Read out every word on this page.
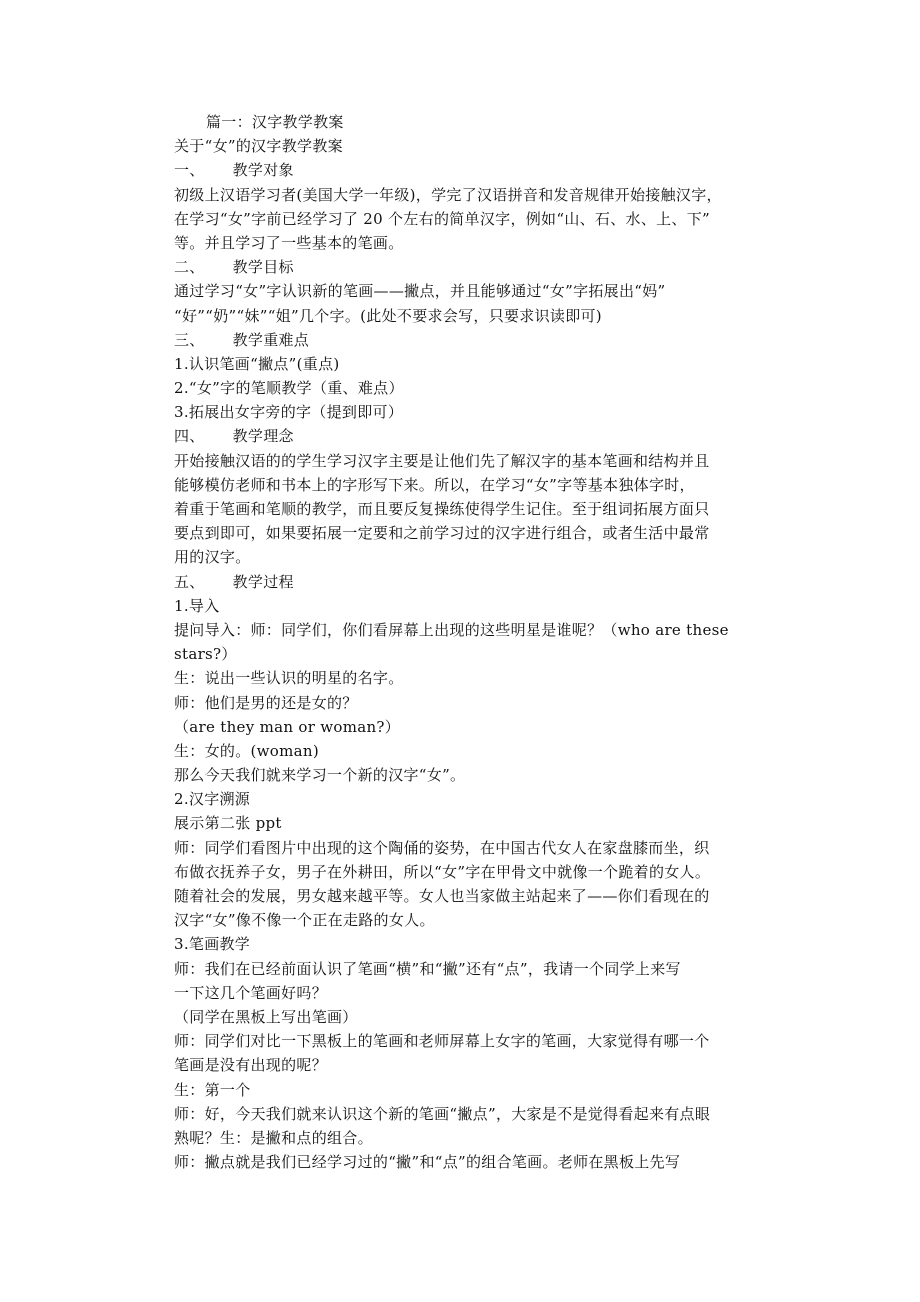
篇一：汉字教学教案
关于“女”的汉字教学教案
一、 教学对象
初级上汉语学习者(美国大学一年级)，学完了汉语拼音和发音规律开始接触汉字，
在学习“女”字前已经学习了 20 个左右的简单汉字，例如“山、石、水、上、下”
等。并且学习了一些基本的笔画。
二、 教学目标
通过学习“女”字认识新的笔画——撇点，并且能够通过“女”字拓展出“妈”
“好”“奶”“妹”“姐”几个字。(此处不要求会写，只要求识读即可)
三、 教学重难点
1.认识笔画“撇点”(重点)
2.“女”字的笔顺教学（重、难点）
3.拓展出女字旁的字（提到即可）
四、 教学理念
开始接触汉语的的学生学习汉字主要是让他们先了解汉字的基本笔画和结构并且
能够模仿老师和书本上的字形写下来。所以，在学习“女”字等基本独体字时，
着重于笔画和笔顺的教学，而且要反复操练使得学生记住。至于组词拓展方面只
要点到即可，如果要拓展一定要和之前学习过的汉字进行组合，或者生活中最常
用的汉字。
五、 教学过程
1.导入
提问导入：师：同学们，你们看屏幕上出现的这些明星是谁呢？（who are these
stars?）
生：说出一些认识的明星的名字。
师：他们是男的还是女的？
（are they man or woman?）
生：女的。(woman)
那么今天我们就来学习一个新的汉字“女”。
2.汉字溯源
展示第二张 ppt
师：同学们看图片中出现的这个陶俑的姿势，在中国古代女人在家盘膝而坐，织
布做衣抚养子女，男子在外耕田，所以“女”字在甲骨文中就像一个跪着的女人。
随着社会的发展，男女越来越平等。女人也当家做主站起来了——你们看现在的
汉字“女”像不像一个正在走路的女人。
3.笔画教学
师：我们在已经前面认识了笔画“横”和“撇”还有“点”，我请一个同学上来写
一下这几个笔画好吗？
（同学在黑板上写出笔画）
师：同学们对比一下黑板上的笔画和老师屏幕上女字的笔画，大家觉得有哪一个
笔画是没有出现的呢？
生：第一个
师：好，今天我们就来认识这个新的笔画“撇点”，大家是不是觉得看起来有点眼
熟呢？生：是撇和点的组合。
师：撇点就是我们已经学习过的“撇”和“点”的组合笔画。老师在黑板上先写
